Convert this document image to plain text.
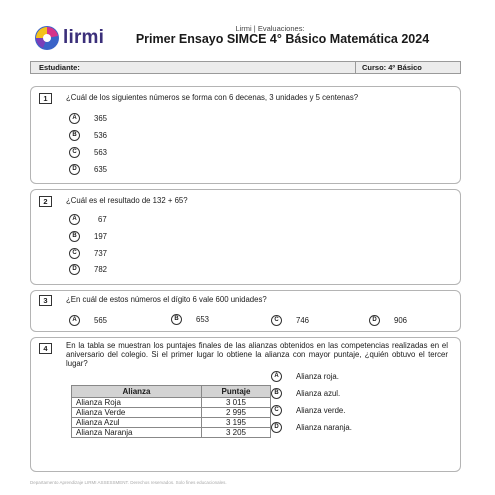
lirmi	Lirmi | Evaluaciones:
Primer Ensayo SIMCE 4° Básico Matemática 2024
Estudiante:	Curso: 4º Básico
1	¿Cuál de los siguientes números se forma con 6 decenas, 3 unidades y 5 centenas?
A	365
B	536
C	563
D	635
2	¿Cuál es el resultado de 132 + 65?
A	67
B	197
C	737
D	782
3	¿En cuál de estos números el dígito 6 vale 600 unidades?
A	565	B	653	C	746	D	906
4	En la tabla se muestran los puntajes finales de las alianzas obtenidos en las competencias realizadas en el aniversario del colegio. Si el primer lugar lo obtiene la alianza con mayor puntaje, ¿quién obtuvo el tercer lugar?
Alianza	Puntaje
Alianza Roja	3 015
Alianza Verde	2 995
Alianza Azul	3 195
Alianza Naranja	3 205
A	Alianza roja.
B	Alianza azul.
C	Alianza verde.
D	Alianza naranja.
Departamento Aprendizaje LIRMI ASSESSMENT. Derechos reservados. Solo fines educacionales.
